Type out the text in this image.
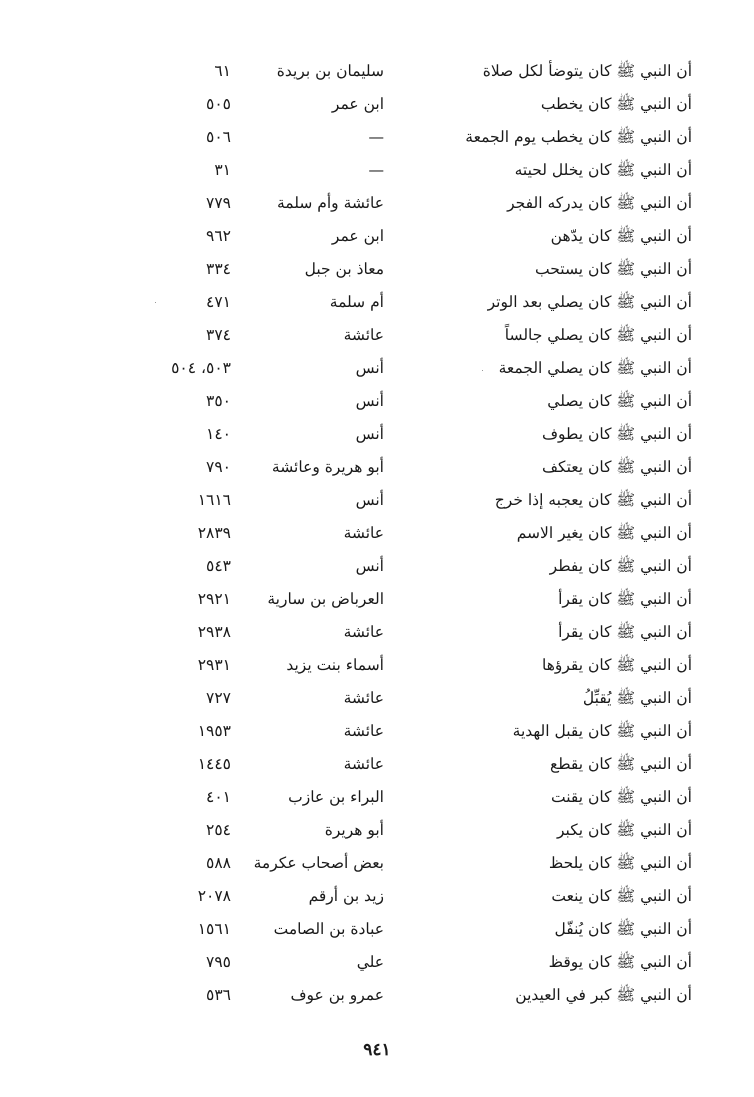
أن النبي ﷺ كان يتوضأ لكل صلاة
سليمان بن بريدة
٦١
أن النبي ﷺ كان يخطب
ابن عمر
٥٠٥
أن النبي ﷺ كان يخطب يوم الجمعة
—
٥٠٦
أن النبي ﷺ كان يخلل لحيته
—
٣١
أن النبي ﷺ كان يدركه الفجر
عائشة وأم سلمة
٧٧٩
أن النبي ﷺ كان يدّهن
ابن عمر
٩٦٢
أن النبي ﷺ كان يستحب
معاذ بن جبل
٣٣٤
أن النبي ﷺ كان يصلي بعد الوتر
أم سلمة
٤٧١
أن النبي ﷺ كان يصلي جالساً
عائشة
٣٧٤
أن النبي ﷺ كان يصلي الجمعة
أنس
٥٠٣، ٥٠٤
أن النبي ﷺ كان يصلي
أنس
٣٥٠
أن النبي ﷺ كان يطوف
أنس
١٤٠
أن النبي ﷺ كان يعتكف
أبو هريرة وعائشة
٧٩٠
أن النبي ﷺ كان يعجبه إذا خرج
أنس
١٦١٦
أن النبي ﷺ كان يغير الاسم
عائشة
٢٨٣٩
أن النبي ﷺ كان يفطر
أنس
٥٤٣
أن النبي ﷺ كان يقرأ
العرباض بن سارية
٢٩٢١
أن النبي ﷺ كان يقرأ
عائشة
٢٩٣٨
أن النبي ﷺ كان يقرؤها
أسماء بنت يزيد
٢٩٣١
أن النبي ﷺ يُقبِّلُ
عائشة
٧٢٧
أن النبي ﷺ كان يقبل الهدية
عائشة
١٩٥٣
أن النبي ﷺ كان يقطع
عائشة
١٤٤٥
أن النبي ﷺ كان يقنت
البراء بن عازب
٤٠١
أن النبي ﷺ كان يكبر
أبو هريرة
٢٥٤
أن النبي ﷺ كان يلحظ
بعض أصحاب عكرمة
٥٨٨
أن النبي ﷺ كان ينعت
زيد بن أرقم
٢٠٧٨
أن النبي ﷺ كان يُنفّل
عبادة بن الصامت
١٥٦١
أن النبي ﷺ كان يوقظ
علي
٧٩٥
أن النبي ﷺ كبر في العيدين
عمرو بن عوف
٥٣٦
٩٤١
